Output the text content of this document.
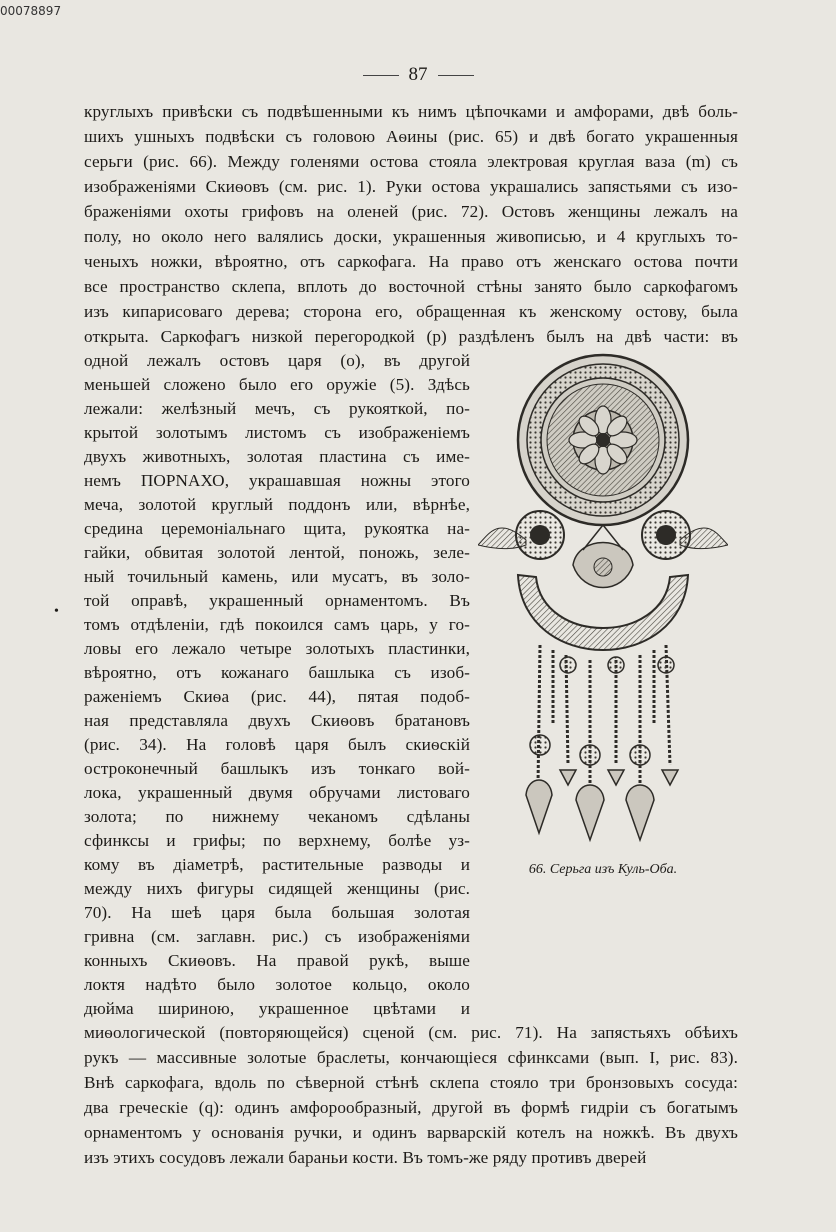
00078897
87
круглыхъ привѣски съ подвѣшенными къ нимъ цѣпочками и амфорами, двѣ боль-
шихъ ушныхъ подвѣски съ головою Аѳины (рис. 65) и двѣ богато украшенныя
серьги (рис. 66). Между голенями остова стояла электровая круглая ваза (m) съ
изображеніями Скиѳовъ (см. рис. 1). Руки остова украшались запястьями съ изо-
браженіями охоты грифовъ на оленей (рис. 72). Остовъ женщины лежалъ на
полу, но около него валялись доски, украшенныя живописью, и 4 круглыхъ то-
ченыхъ ножки, вѣроятно, отъ саркофага. На право отъ женскаго остова почти
все пространство склепа, вплоть до восточной стѣны занято было саркофагомъ
изъ кипарисоваго дерева; сторона его, обращенная къ женскому остову, была
открыта. Саркофагъ низкой перегородкой (p) раздѣленъ былъ на двѣ части: въ
одной лежалъ остовъ царя (o), въ другой
меньшей сложено было его оружіе (5). Здѣсь
лежали: желѣзный мечъ, съ рукояткой, по-
крытой золотымъ листомъ съ изображеніемъ
двухъ животныхъ, золотая пластина съ име-
немъ ПОРNАХО, украшавшая ножны этого
меча, золотой круглый поддонъ или, вѣрнѣе,
средина церемоніальнаго щита, рукоятка на-
гайки, обвитая золотой лентой, поножь, зеле-
ный точильный камень, или мусатъ, въ золо-
той оправѣ, украшенный орнаментомъ. Въ
томъ отдѣленіи, гдѣ покоился самъ царь, у го-
ловы его лежало четыре золотыхъ пластинки,
вѣроятно, отъ кожанаго башлыка съ изоб-
раженіемъ Скиѳа (рис. 44), пятая подоб-
ная представляла двухъ Скиѳовъ братановъ
(рис. 34). На головѣ царя былъ скиѳскій
остроконечный башлыкъ изъ тонкаго вой-
лока, украшенный двумя обручами листоваго
золота; по нижнему чеканомъ сдѣланы
сфинксы и грифы; по верхнему, болѣе уз-
кому въ діаметрѣ, растительные разводы и
между нихъ фигуры сидящей женщины (рис.
70). На шеѣ царя была большая золотая
гривна (см. заглавн. рис.) съ изображеніями
конныхъ Скиѳовъ. На правой рукѣ, выше
локтя надѣто было золотое кольцо, около
дюйма шириною, украшенное цвѣтами и
миѳологической (повторяющейся) сценой (см. рис. 71). На запястьяхъ обѣихъ
рукъ — массивные золотые браслеты, кончающіеся сфинксами (вып. I, рис. 83).
Внѣ саркофага, вдоль по сѣверной стѣнѣ склепа стояло три бронзовыхъ сосуда:
два греческіе (q): одинъ амфорообразный, другой въ формѣ гидріи съ богатымъ
орнаментомъ у основанія ручки, и одинъ варварскій котелъ на ножкѣ. Въ двухъ
изъ этихъ сосудовъ лежали бараньи кости. Въ томъ-же ряду противъ дверей
•
66. Серьга изъ Куль-Оба.
